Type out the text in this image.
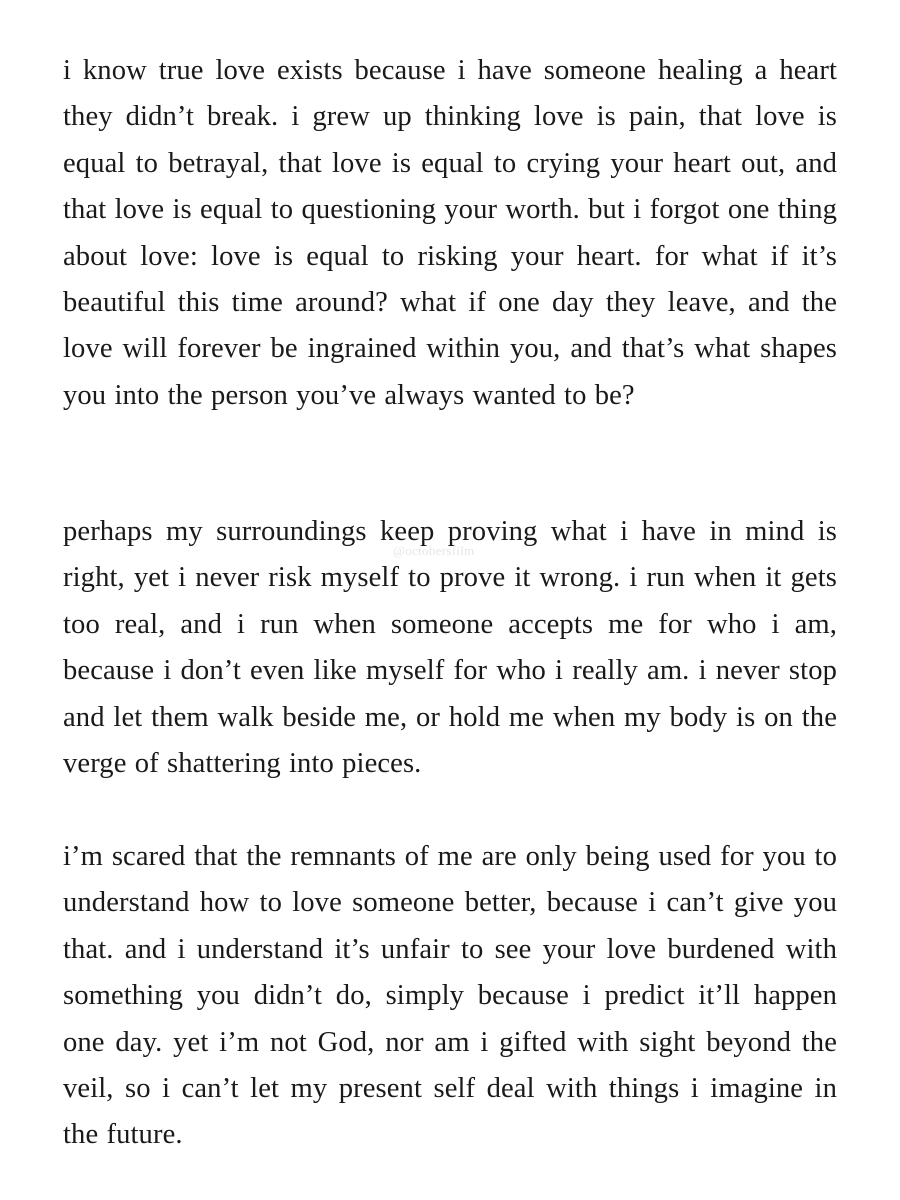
i know true love exists because i have someone healing a heart they didn’t break. i grew up thinking love is pain, that love is equal to betrayal, that love is equal to crying your heart out, and that love is equal to questioning your worth. but i forgot one thing about love: love is equal to risking your heart. for what if it’s beautiful this time around? what if one day they leave, and the love will forever be ingrained within you, and that’s what shapes you into the person you’ve always wanted to be?

@octobersfilm

perhaps my surroundings keep proving what i have in mind is right, yet i never risk myself to prove it wrong. i run when it gets too real, and i run when someone accepts me for who i am, because i don’t even like myself for who i really am. i never stop and let them walk beside me, or hold me when my body is on the verge of shattering into pieces.

i’m scared that the remnants of me are only being used for you to understand how to love someone better, because i can’t give you that. and i understand it’s unfair to see your love burdened with something you didn’t do, simply because i predict it’ll happen one day. yet i’m not God, nor am i gifted with sight beyond the veil, so i can’t let my present self deal with things i imagine in the future.
